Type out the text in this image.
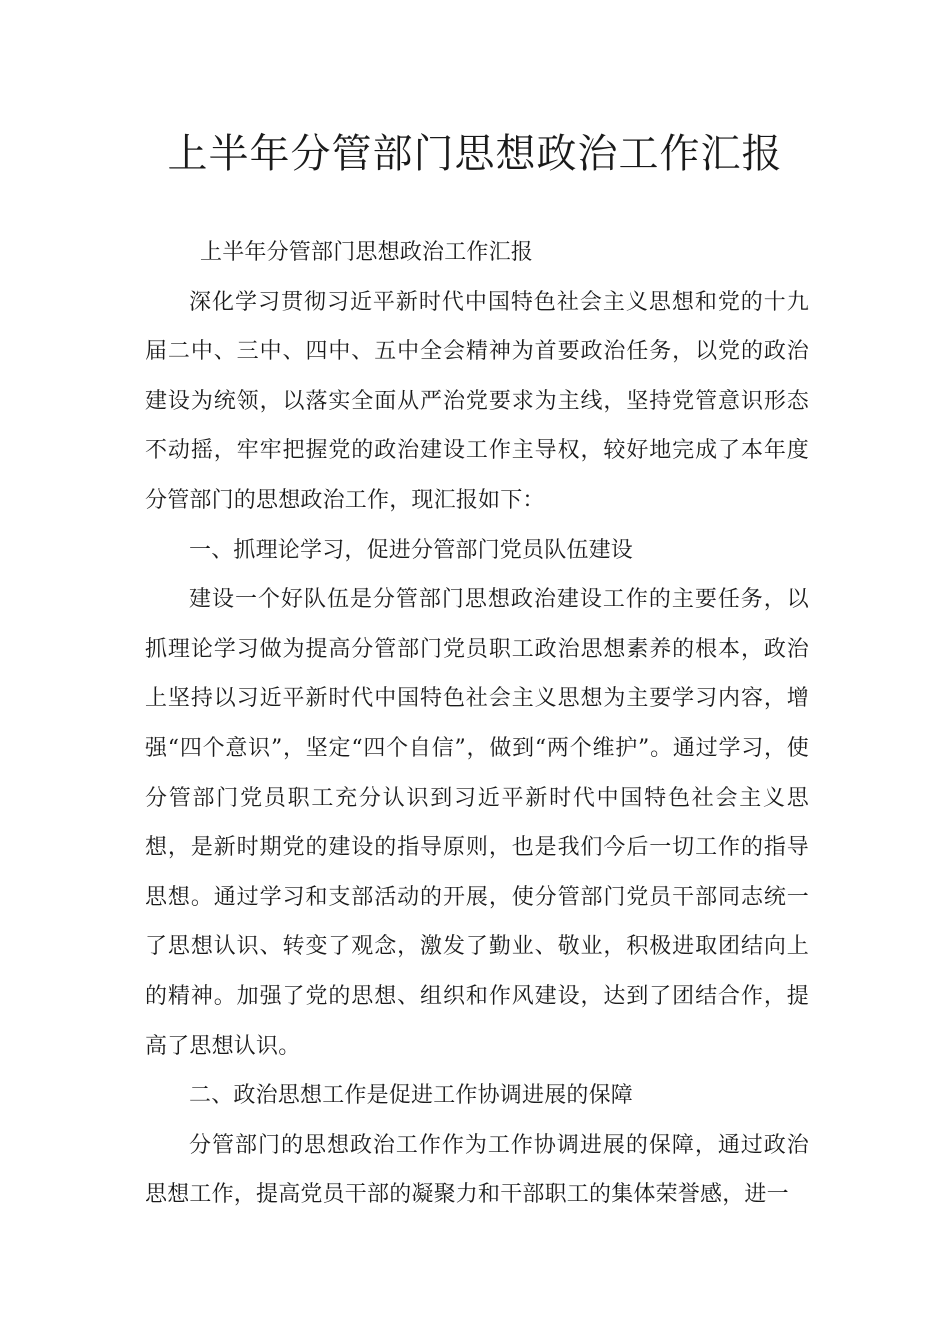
上半年分管部门思想政治工作汇报

上半年分管部门思想政治工作汇报

深化学习贯彻习近平新时代中国特色社会主义思想和党的十九届二中、三中、四中、五中全会精神为首要政治任务，以党的政治建设为统领，以落实全面从严治党要求为主线，坚持党管意识形态不动摇，牢牢把握党的政治建设工作主导权，较好地完成了本年度分管部门的思想政治工作，现汇报如下：

一、抓理论学习，促进分管部门党员队伍建设

建设一个好队伍是分管部门思想政治建设工作的主要任务，以抓理论学习做为提高分管部门党员职工政治思想素养的根本，政治上坚持以习近平新时代中国特色社会主义思想为主要学习内容，增强“四个意识”，坚定“四个自信”，做到“两个维护”。通过学习，使分管部门党员职工充分认识到习近平新时代中国特色社会主义思想，是新时期党的建设的指导原则，也是我们今后一切工作的指导思想。通过学习和支部活动的开展，使分管部门党员干部同志统一了思想认识、转变了观念，激发了勤业、敬业，积极进取团结向上的精神。加强了党的思想、组织和作风建设，达到了团结合作，提高了思想认识。

二、政治思想工作是促进工作协调进展的保障

分管部门的思想政治工作作为工作协调进展的保障，通过政治思想工作，提高党员干部的凝聚力和干部职工的集体荣誉感，进一
